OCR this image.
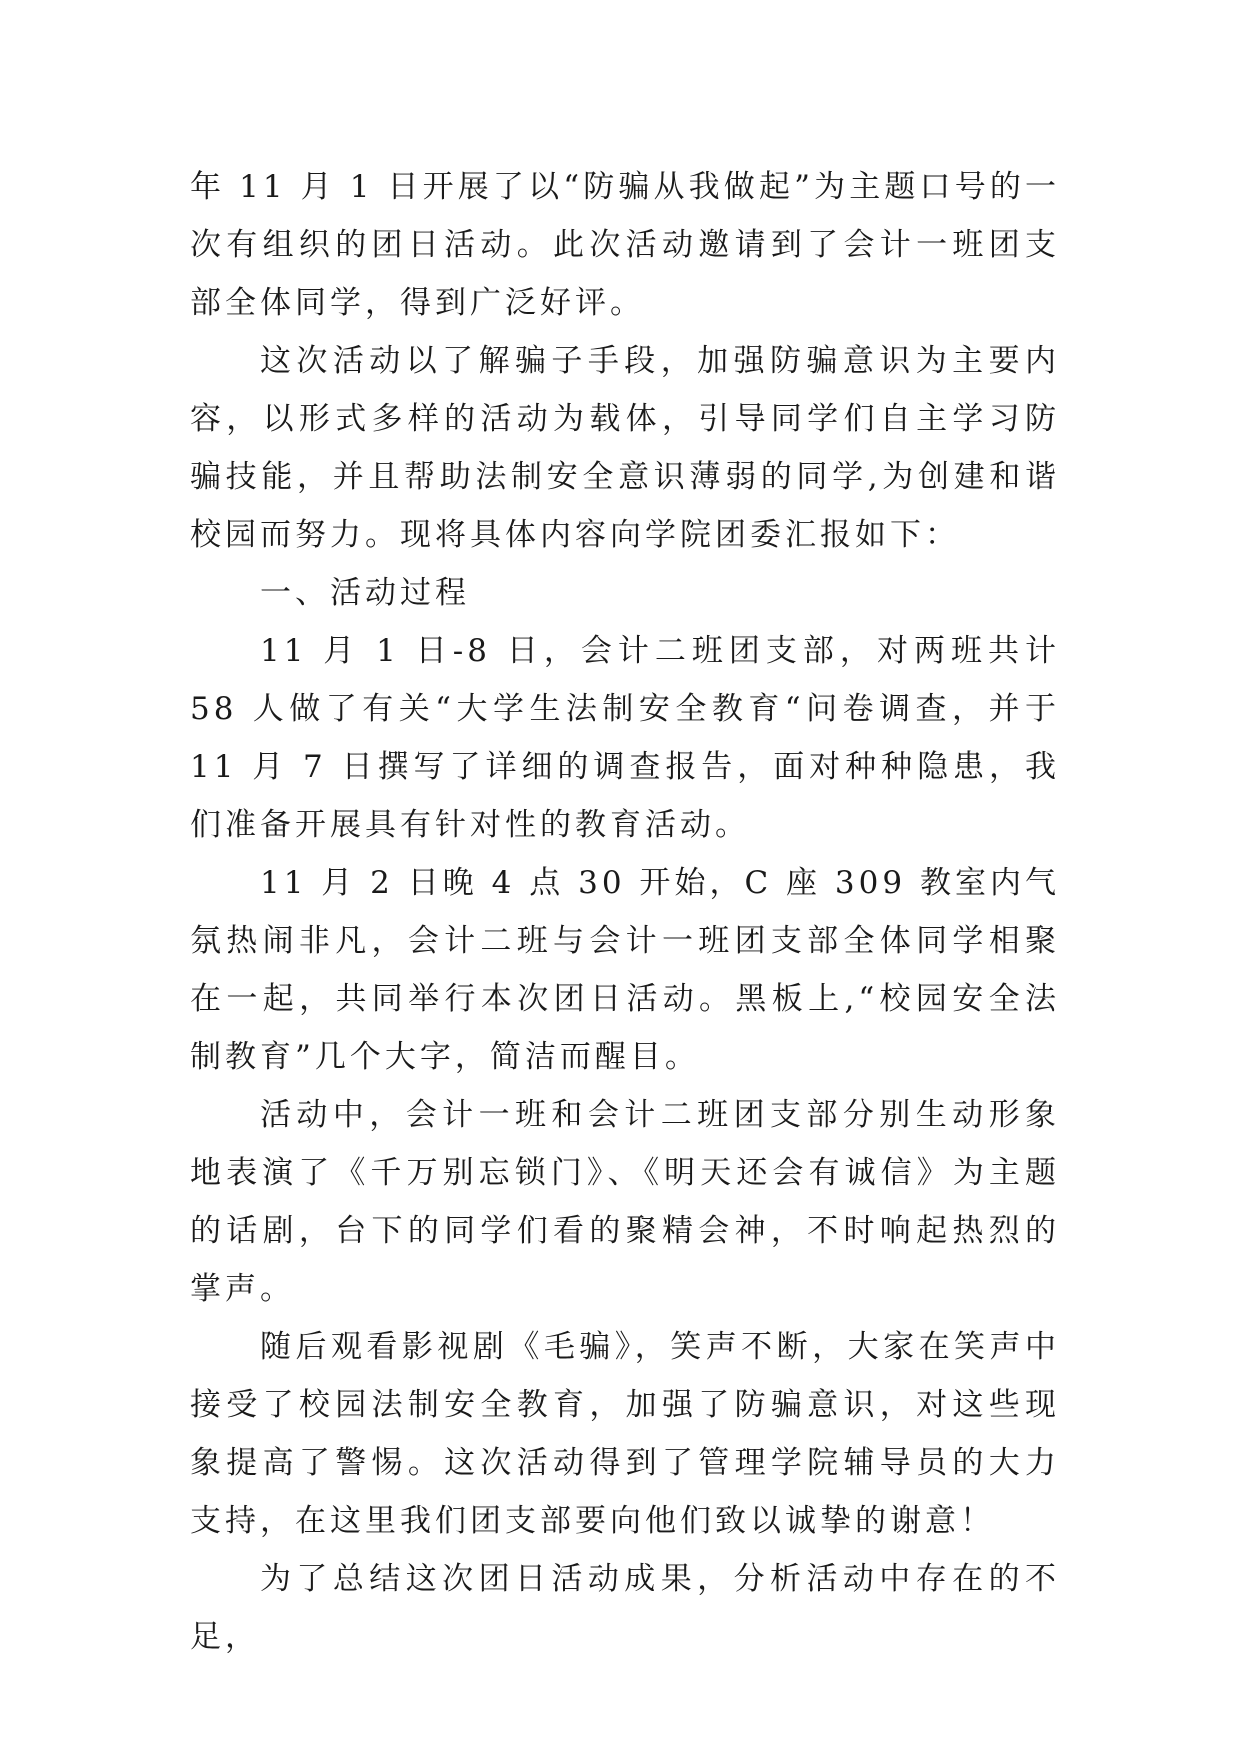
年 11 月 1 日开展了以“防骗从我做起”为主题口号的一次有组织的团日活动。此次活动邀请到了会计一班团支部全体同学，得到广泛好评。

这次活动以了解骗子手段，加强防骗意识为主要内容，以形式多样的活动为载体，引导同学们自主学习防骗技能，并且帮助法制安全意识薄弱的同学,为创建和谐校园而努力。现将具体内容向学院团委汇报如下：

一、活动过程

11 月 1 日-8 日，会计二班团支部，对两班共计 58 人做了有关“大学生法制安全教育“问卷调查，并于 11 月 7 日撰写了详细的调查报告，面对种种隐患，我们准备开展具有针对性的教育活动。

11 月 2 日晚 4 点 30 开始，C 座 309 教室内气氛热闹非凡，会计二班与会计一班团支部全体同学相聚在一起，共同举行本次团日活动。黑板上,“校园安全法制教育”几个大字，简洁而醒目。

活动中，会计一班和会计二班团支部分别生动形象地表演了《千万别忘锁门》、《明天还会有诚信》为主题的话剧，台下的同学们看的聚精会神，不时响起热烈的掌声。

随后观看影视剧《毛骗》，笑声不断，大家在笑声中接受了校园法制安全教育，加强了防骗意识，对这些现象提高了警惕。这次活动得到了管理学院辅导员的大力支持，在这里我们团支部要向他们致以诚挚的谢意！

为了总结这次团日活动成果，分析活动中存在的不足，
